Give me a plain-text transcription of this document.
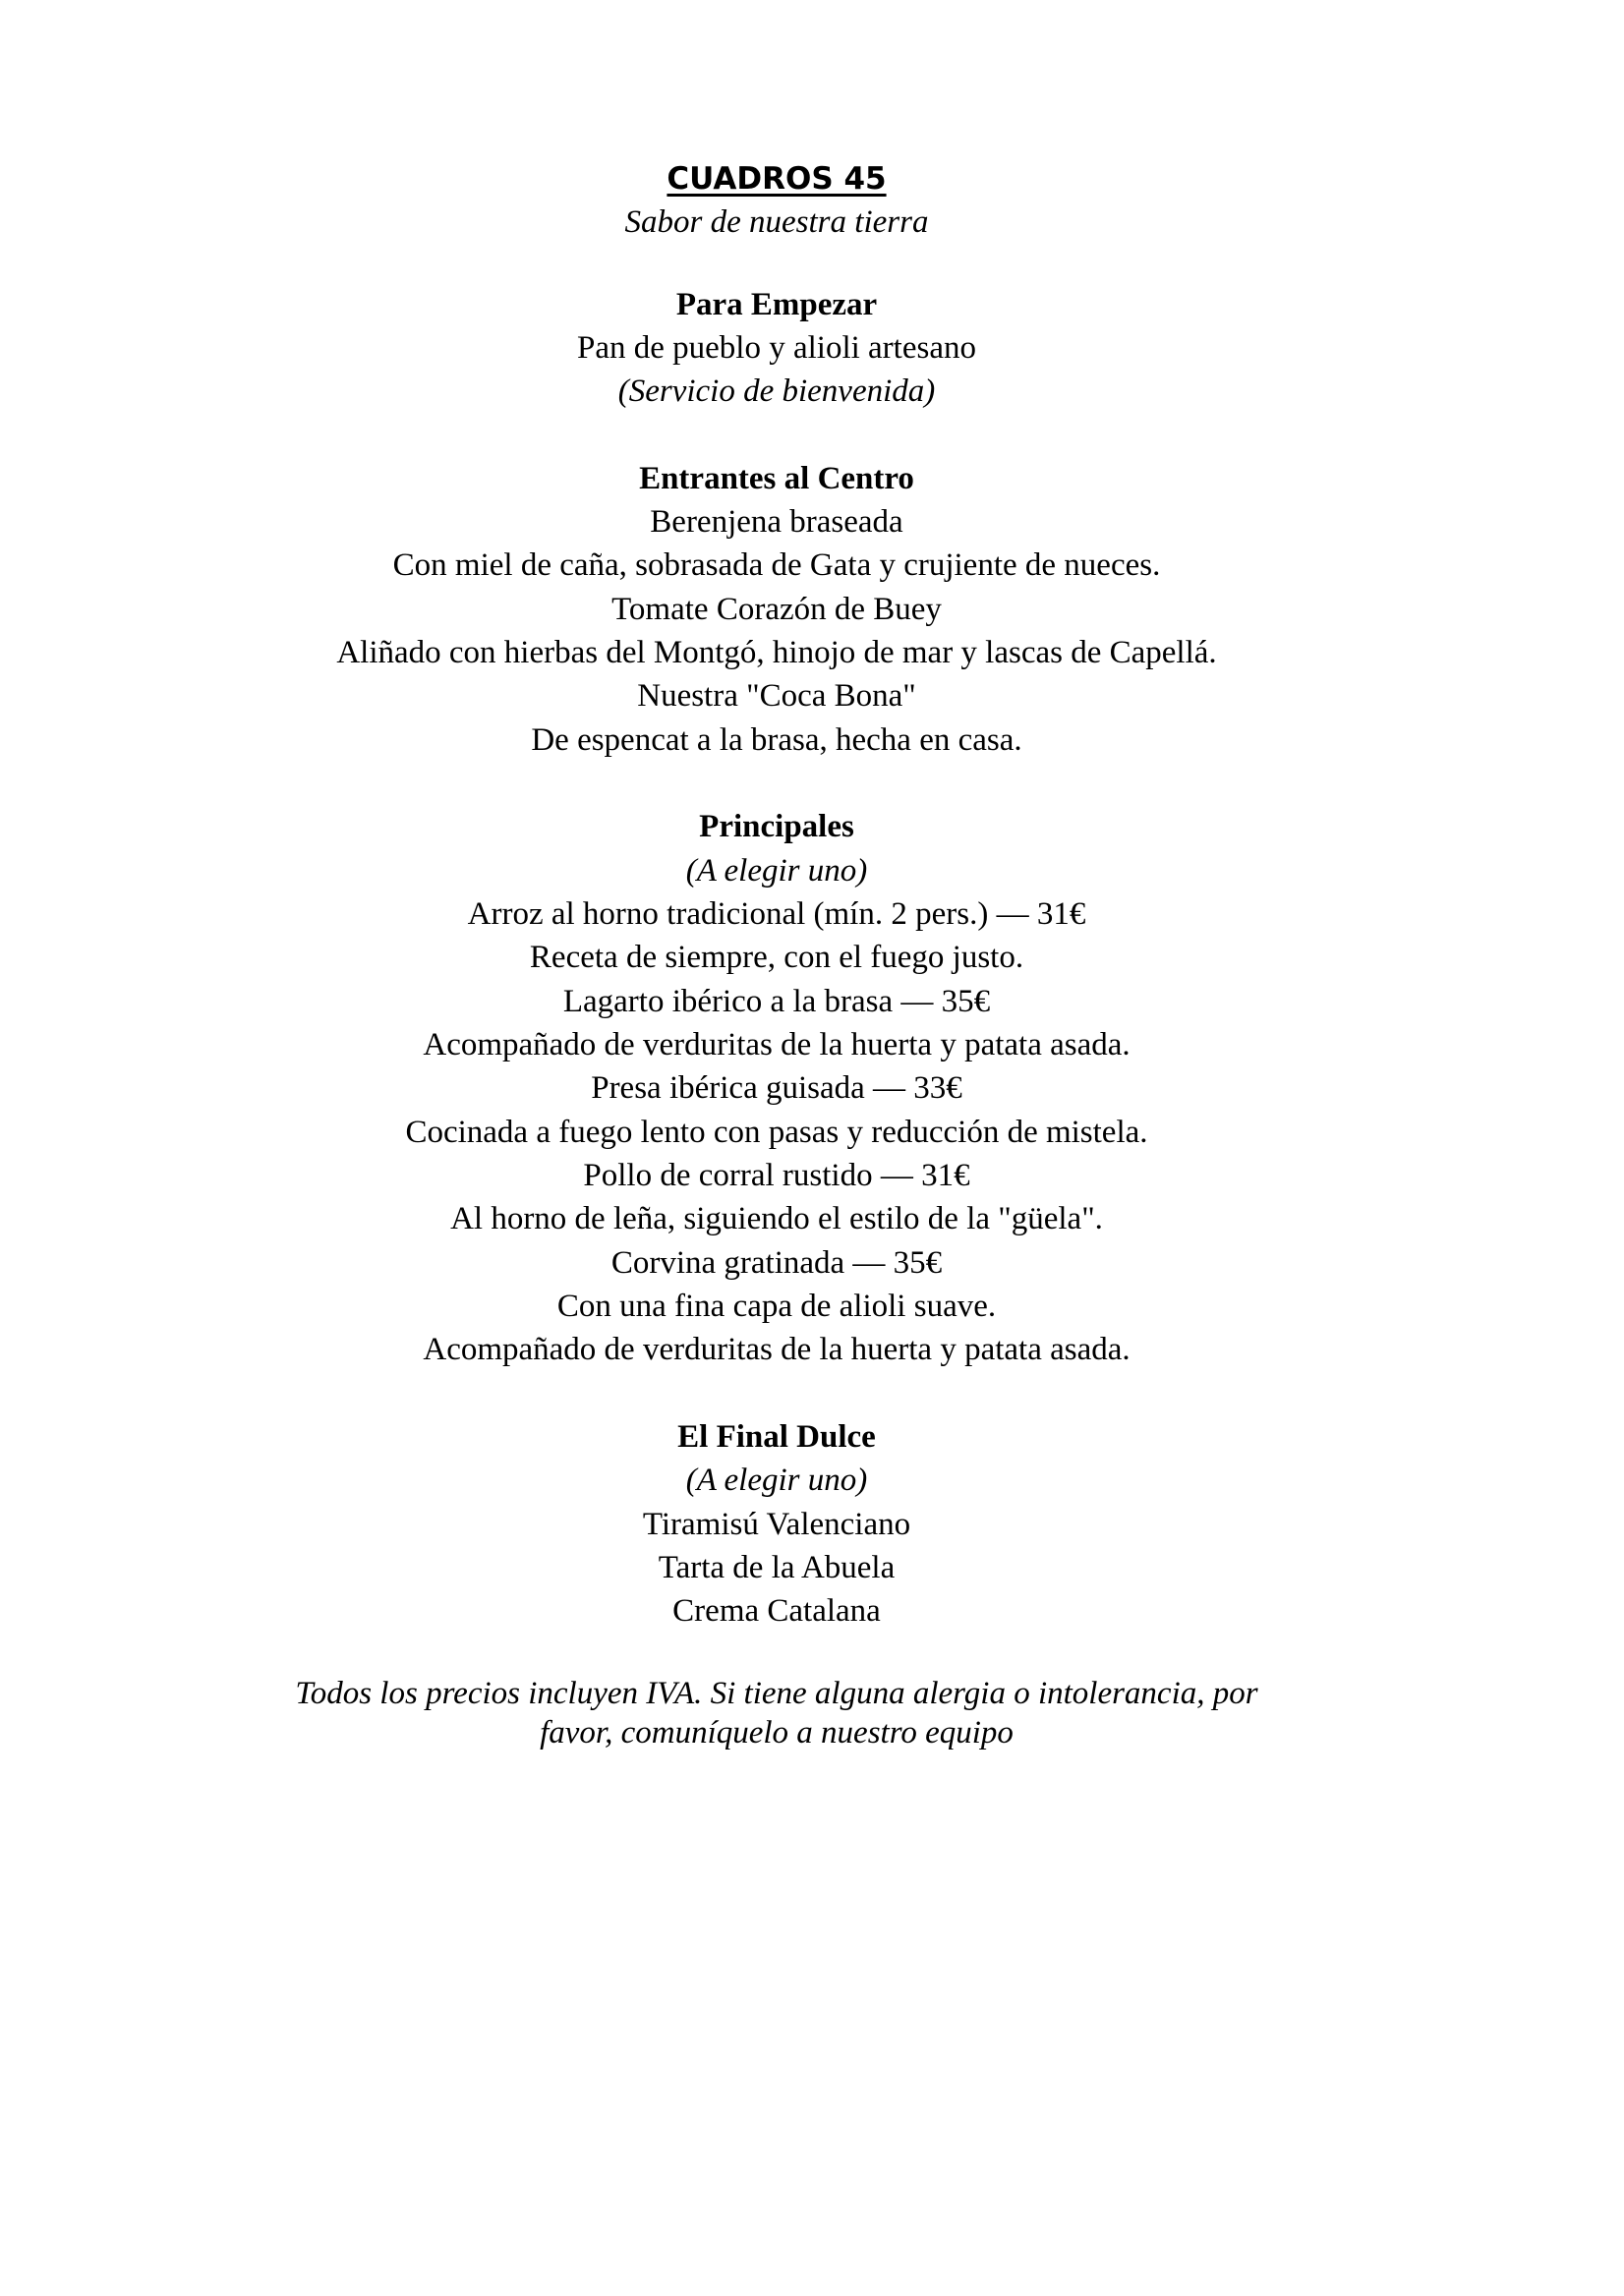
CUADROS 45
Sabor de nuestra tierra
Para Empezar
Pan de pueblo y alioli artesano
(Servicio de bienvenida)
Entrantes al Centro
Berenjena braseada
Con miel de caña, sobrasada de Gata y crujiente de nueces.
Tomate Corazón de Buey
Aliñado con hierbas del Montgó, hinojo de mar y lascas de Capellá.
Nuestra "Coca Bona"
De espencat a la brasa, hecha en casa.
Principales
(A elegir uno)
Arroz al horno tradicional (mín. 2 pers.) — 31€
Receta de siempre, con el fuego justo.
Lagarto ibérico a la brasa — 35€
Acompañado de verduritas de la huerta y patata asada.
Presa ibérica guisada — 33€
Cocinada a fuego lento con pasas y reducción de mistela.
Pollo de corral rustido — 31€
Al horno de leña, siguiendo el estilo de la "güela".
Corvina gratinada — 35€
Con una fina capa de alioli suave.
Acompañado de verduritas de la huerta y patata asada.
El Final Dulce
(A elegir uno)
Tiramisú Valenciano
Tarta de la Abuela
Crema Catalana
Todos los precios incluyen IVA. Si tiene alguna alergia o intolerancia, por
favor, comuníquelo a nuestro equipo
